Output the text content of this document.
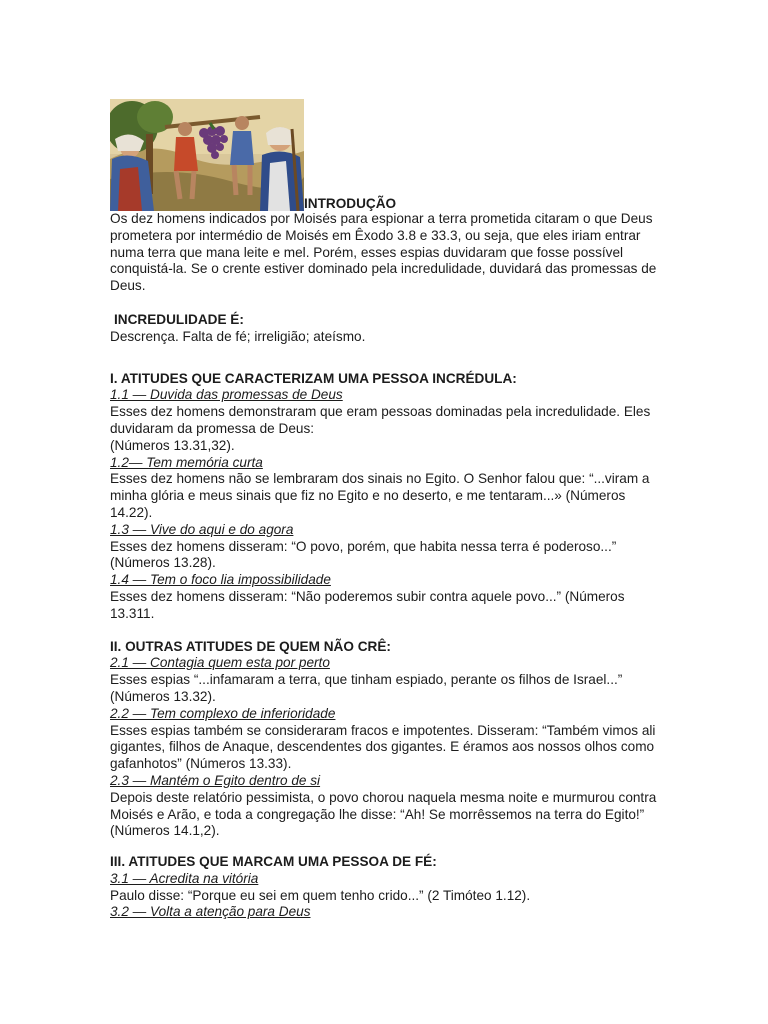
INTRODUÇÃO

Os dez homens indicados por Moisés para espionar a terra prometida citaram o que Deus prometera por intermédio de Moisés em Êxodo 3.8 e 33.3, ou seja, que eles iriam entrar numa terra que mana leite e mel. Porém, esses espias duvidaram que fosse possível conquistá-la. Se o crente estiver dominado pela incredulidade, duvidará das promessas de Deus.

INCREDULIDADE É:

Descrença. Falta de fé; irreligião; ateísmo.

I. ATITUDES QUE CARACTERIZAM UMA PESSOA INCRÉDULA:

1.1 — Duvida das promessas de Deus

Esses dez homens demonstraram que eram pessoas dominadas pela incredulidade. Eles duvidaram da promessa de Deus:

(Números 13.31,32).

1.2— Tem memória curta

Esses dez homens não se lembraram dos sinais no Egito. O Senhor falou que: “...viram a minha glória e meus sinais que fiz no Egito e no deserto, e me tentaram...» (Números 14.22).

1.3 — Vive do aqui e do agora

Esses dez homens disseram: “O povo, porém, que habita nessa terra é poderoso...” (Números 13.28).

1.4 — Tem o foco lia impossibilidade

Esses dez homens disseram: “Não poderemos subir contra aquele povo...” (Números 13.311.

II. OUTRAS ATITUDES DE QUEM NÃO CRÊ:

2.1 — Contagia quem esta por perto

Esses espias “...infamaram a terra, que tinham espiado, perante os filhos de Israel...” (Números 13.32).

2.2 — Tem complexo de inferioridade

Esses espias também se consideraram fracos e impotentes. Disseram: “Também vimos ali gigantes, filhos de Anaque, descendentes dos gigantes. E éramos aos nossos olhos como gafanhotos” (Números 13.33).

2.3 — Mantém o Egito dentro de si

Depois deste relatório pessimista, o povo chorou naquela mesma noite e murmurou contra Moisés e Arão, e toda a congregação lhe disse: “Ah! Se morrêssemos na terra do Egito!” (Números 14.1,2).

III. ATITUDES QUE MARCAM UMA PESSOA DE FÉ:

3.1 — Acredita na vitória

Paulo disse: “Porque eu sei em quem tenho crido...” (2 Timóteo 1.12).

3.2 — Volta a atenção para Deus
